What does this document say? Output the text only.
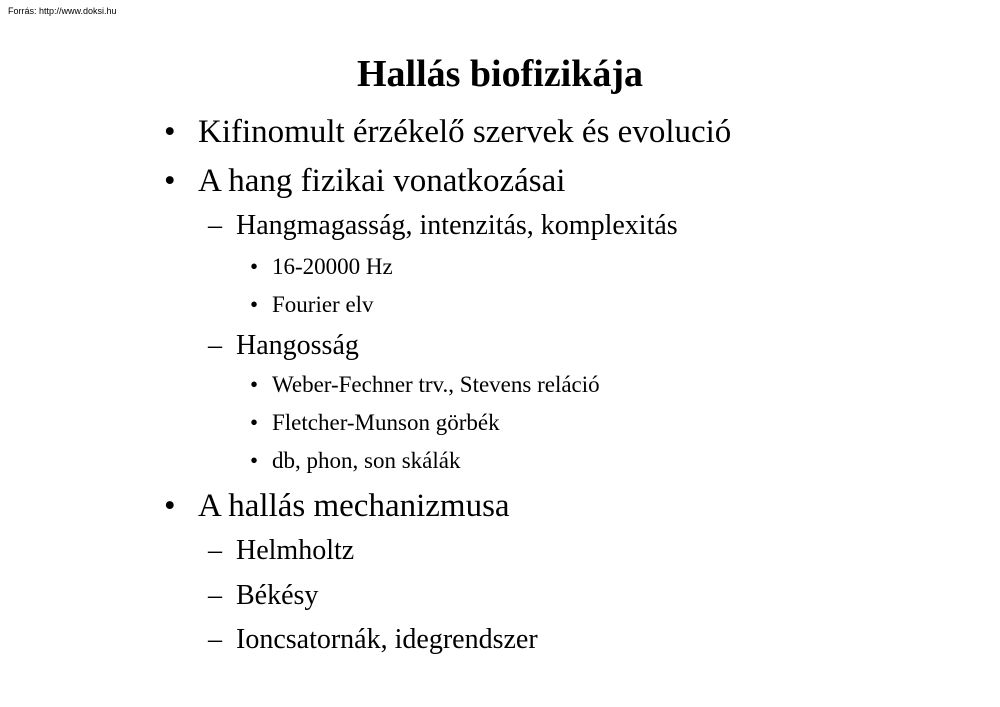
Forrás: http://www.doksi.hu
Hallás biofizikája
• Kifinomult érzékelő szervek és evolució
• A hang fizikai vonatkozásai
– Hangmagasság, intenzitás, komplexitás
• 16-20000 Hz
• Fourier elv
– Hangosság
• Weber-Fechner trv., Stevens reláció
• Fletcher-Munson görbék
• db, phon, son skálák
• A hallás mechanizmusa
– Helmholtz
– Békésy
– Ioncsatornák, idegrendszer
